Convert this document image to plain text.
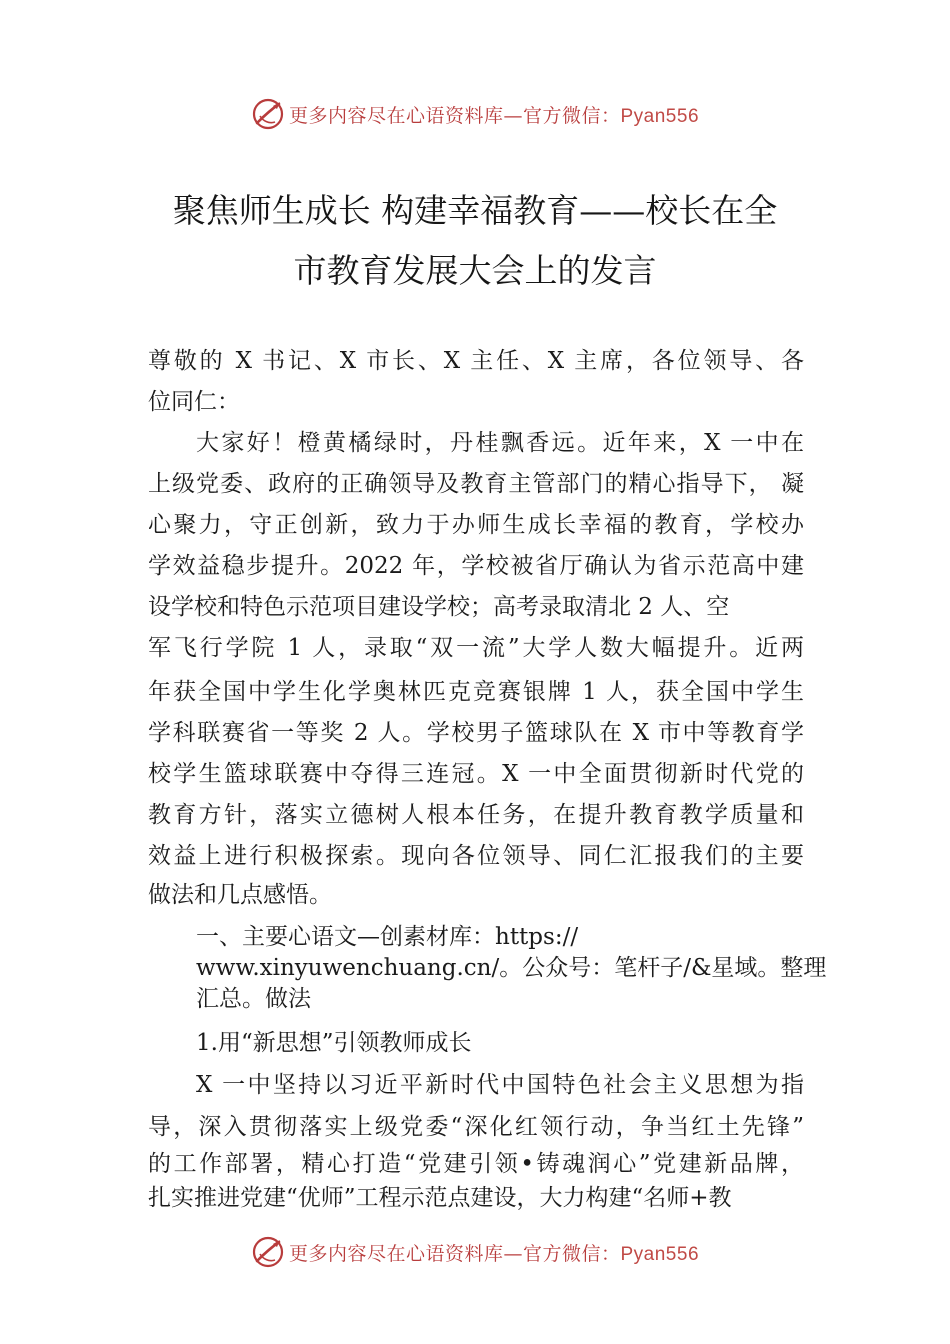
更多内容尽在心语资料库—官方微信：Pyan556
聚焦师生成长 构建幸福教育——校长在全
市教育发展大会上的发言
尊敬的 X 书记、X 市长、X 主任、X 主席，各位领导、各
位同仁：
大家好！橙黄橘绿时，丹桂飘香远。近年来，X 一中在
上级党委、政府的正确领导及教育主管部门的精心指导下， 凝
心聚力，守正创新，致力于办师生成长幸福的教育，学校办
学效益稳步提升。2022 年，学校被省厅确认为省示范高中建
设学校和特色示范项目建设学校；高考录取清北 2 人、空
军飞行学院 1 人，录取“双一流”大学人数大幅提升。近两
年获全国中学生化学奥林匹克竞赛银牌 1 人，获全国中学生
学科联赛省一等奖 2 人。学校男子篮球队在 X 市中等教育学
校学生篮球联赛中夺得三连冠。X 一中全面贯彻新时代党的
教育方针，落实立德树人根本任务，在提升教育教学质量和
效益上进行积极探索。现向各位领导、同仁汇报我们的主要
做法和几点感悟。
一、主要心语文—创素材库：https://
www.xinyuwenchuang.cn/。公众号：笔杆子/&星域。整理
汇总。做法
1.用“新思想”引领教师成长
X 一中坚持以习近平新时代中国特色社会主义思想为指
导，深入贯彻落实上级党委“深化红领行动，争当红土先锋”
的工作部署，精心打造“党建引领•铸魂润心”党建新品牌，
扎实推进党建“优师”工程示范点建设，大力构建“名师+教
更多内容尽在心语资料库—官方微信：Pyan556
